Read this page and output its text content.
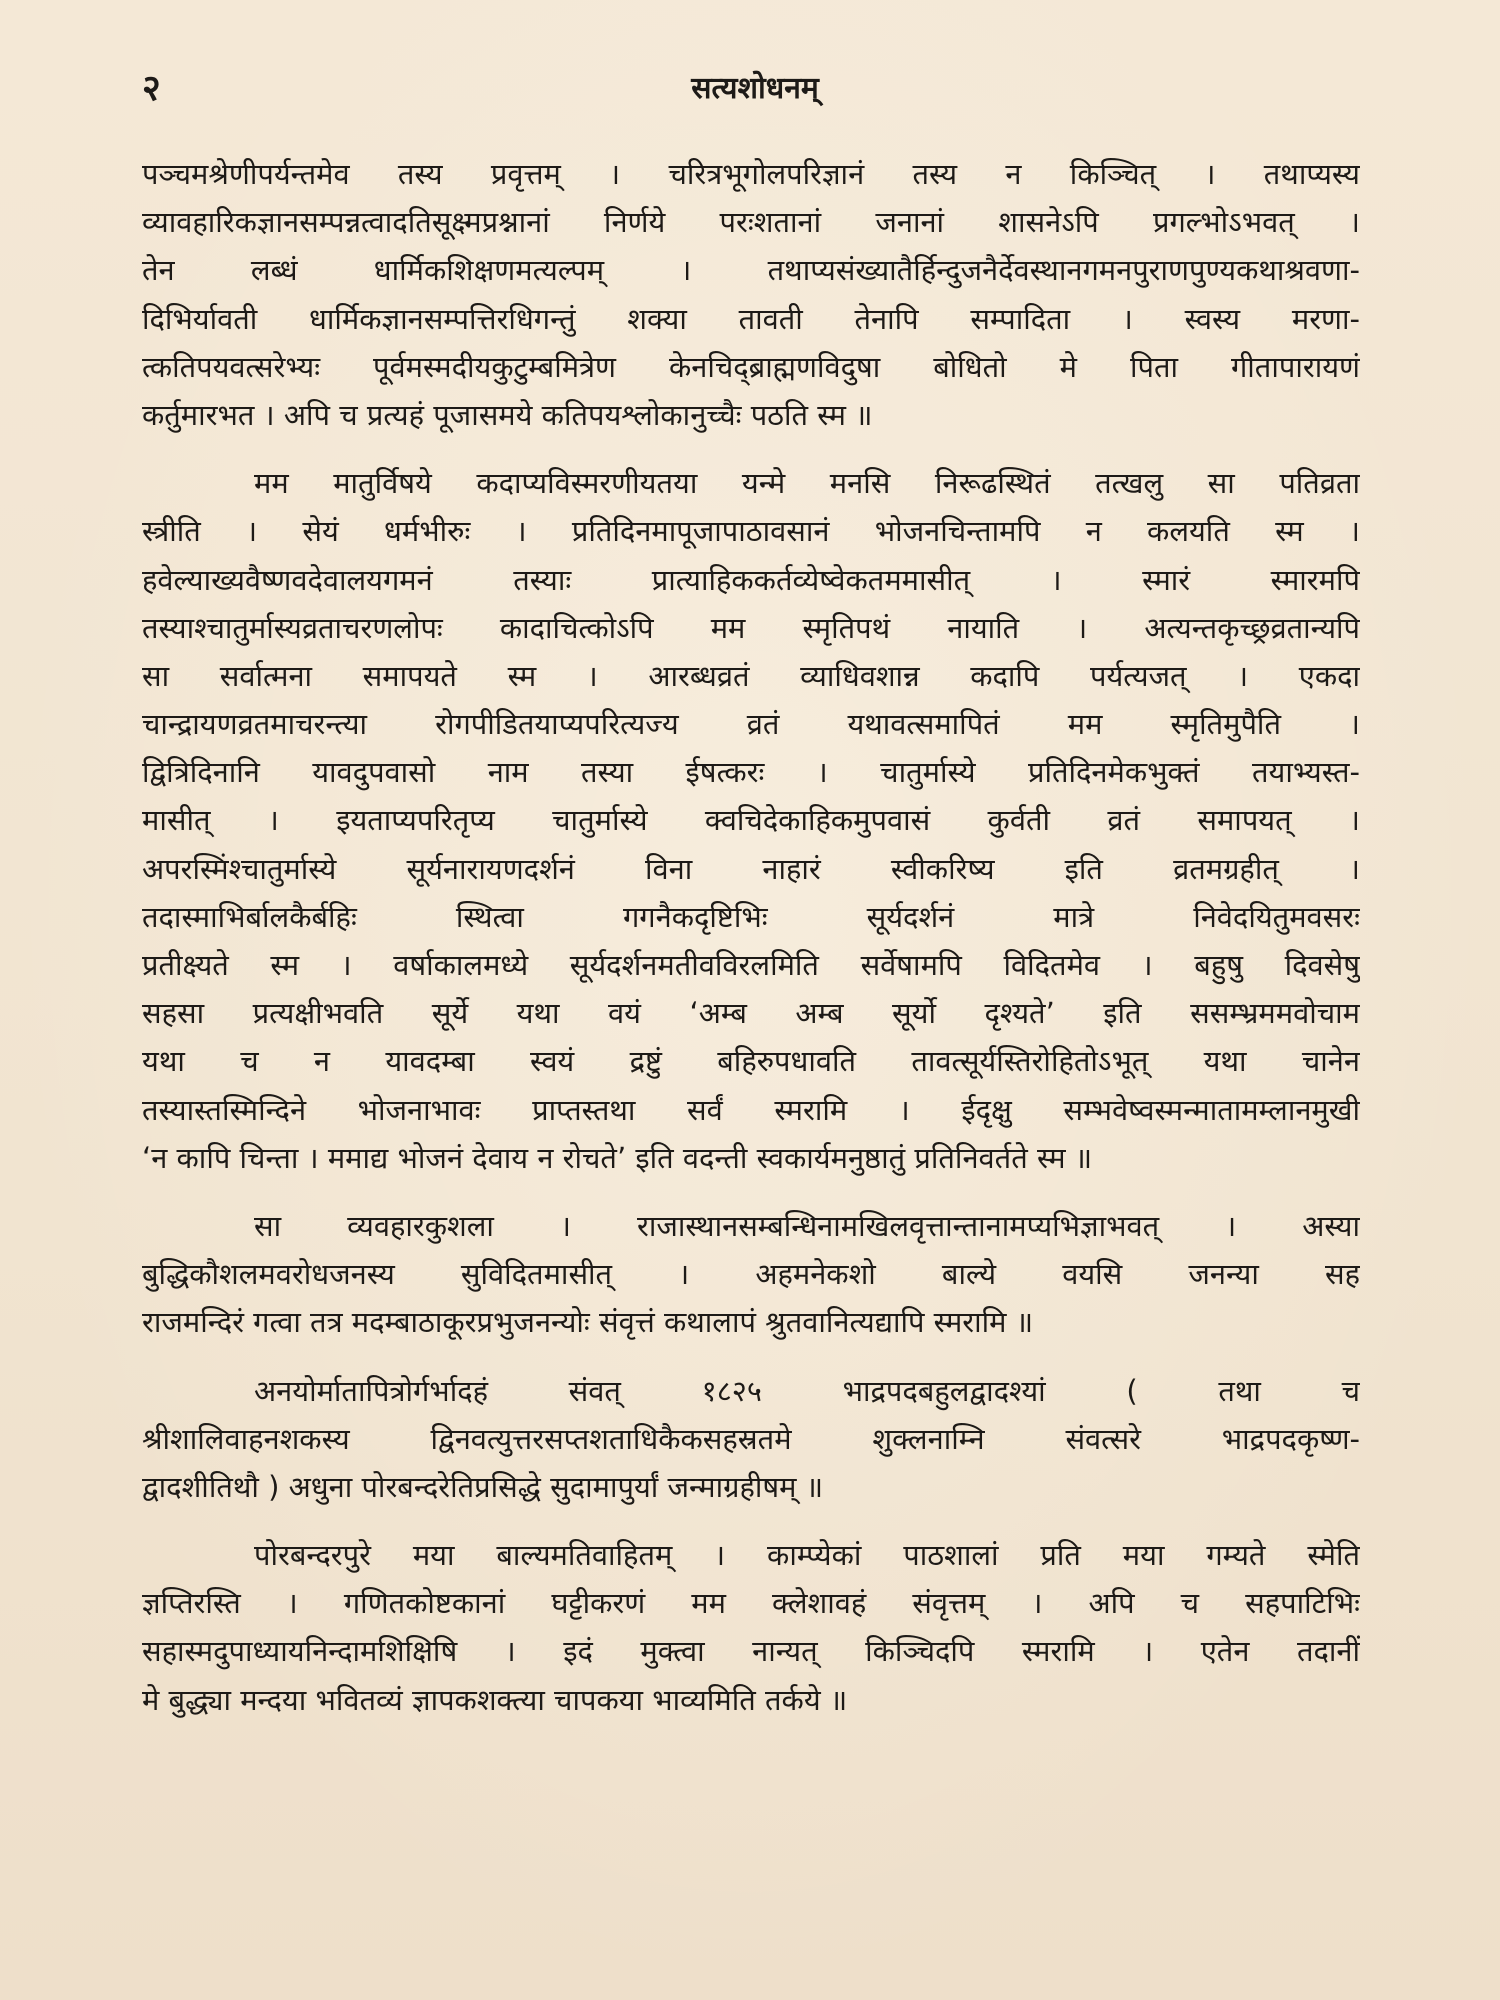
२	सत्यशोधनम्
पञ्चमश्रेणीपर्यन्तमेव तस्य प्रवृत्तम् । चरित्रभूगोलपरिज्ञानं तस्य न किञ्चित् । तथाप्यस्य
व्यावहारिकज्ञानसम्पन्नत्वादतिसूक्ष्मप्रश्नानां निर्णये परःशतानां जनानां शासनेऽपि प्रगल्भोऽभवत् ।
तेन लब्धं धार्मिकशिक्षणमत्यल्पम् । तथाप्यसंख्यातैर्हिन्दुजनैर्देवस्थानगमनपुराणपुण्यकथाश्रवणा-
दिभिर्यावती धार्मिकज्ञानसम्पत्तिरधिगन्तुं शक्या तावती तेनापि सम्पादिता । स्वस्य मरणा-
त्कतिपयवत्सरेभ्यः पूर्वमस्मदीयकुटुम्बमित्रेण केनचिद्ब्राह्मणविदुषा बोधितो मे पिता गीतापारायणं
कर्तुमारभत । अपि च प्रत्यहं पूजासमये कतिपयश्लोकानुच्चैः पठति स्म ॥
मम मातुर्विषये कदाप्यविस्मरणीयतया यन्मे मनसि निरूढस्थितं तत्खलु सा पतिव्रता
स्त्रीति । सेयं धर्मभीरुः । प्रतिदिनमापूजापाठावसानं भोजनचिन्तामपि न कलयति स्म ।
हवेल्याख्यवैष्णवदेवालयगमनं तस्याः प्रात्याहिककर्तव्येष्वेकतममासीत् । स्मारं स्मारमपि
तस्याश्चातुर्मास्यव्रताचरणलोपः कादाचित्कोऽपि मम स्मृतिपथं नायाति । अत्यन्तकृच्छ्रव्रतान्यपि
सा सर्वात्मना समापयते स्म । आरब्धव्रतं व्याधिवशान्न कदापि पर्यत्यजत् । एकदा
चान्द्रायणव्रतमाचरन्त्या रोगपीडितयाप्यपरित्यज्य व्रतं यथावत्समापितं मम स्मृतिमुपैति ।
द्वित्रिदिनानि यावदुपवासो नाम तस्या ईषत्करः । चातुर्मास्ये प्रतिदिनमेकभुक्तं तयाभ्यस्त-
मासीत् । इयताप्यपरितृप्य चातुर्मास्ये क्वचिदेकाहिकमुपवासं कुर्वती व्रतं समापयत् ।
अपरस्मिंश्चातुर्मास्ये सूर्यनारायणदर्शनं विना नाहारं स्वीकरिष्य इति व्रतमग्रहीत् ।
तदास्माभिर्बालकैर्बहिः स्थित्वा गगनैकदृष्टिभिः सूर्यदर्शनं मात्रे निवेदयितुमवसरः
प्रतीक्ष्यते स्म । वर्षाकालमध्ये सूर्यदर्शनमतीवविरलमिति सर्वेषामपि विदितमेव । बहुषु दिवसेषु
सहसा प्रत्यक्षीभवति सूर्ये यथा वयं ‘अम्ब अम्ब सूर्यो दृश्यते’ इति ससम्भ्रममवोचाम
यथा च न यावदम्बा स्वयं द्रष्टुं बहिरुपधावति तावत्सूर्यस्तिरोहितोऽभूत् यथा चानेन
तस्यास्तस्मिन्दिने भोजनाभावः प्राप्तस्तथा सर्वं स्मरामि । ईदृक्षु सम्भवेष्वस्मन्मातामम्लानमुखी
‘न कापि चिन्ता । ममाद्य भोजनं देवाय न रोचते’ इति वदन्ती स्वकार्यमनुष्ठातुं प्रतिनिवर्तते स्म ॥
सा व्यवहारकुशला । राजास्थानसम्बन्धिनामखिलवृत्तान्तानामप्यभिज्ञाभवत् । अस्या
बुद्धिकौशलमवरोधजनस्य सुविदितमासीत् । अहमनेकशो बाल्ये वयसि जनन्या सह
राजमन्दिरं गत्वा तत्र मदम्बाठाकूरप्रभुजनन्योः संवृत्तं कथालापं श्रुतवानित्यद्यापि स्मरामि ॥
अनयोर्मातापित्रोर्गर्भादहं संवत् १८२५ भाद्रपदबहुलद्वादश्यां ( तथा च
श्रीशालिवाहनशकस्य द्विनवत्युत्तरसप्तशताधिकैकसहस्रतमे शुक्लनाम्नि संवत्सरे भाद्रपदकृष्ण-
द्वादशीतिथौ ) अधुना पोरबन्दरेतिप्रसिद्धे सुदामापुर्यां जन्माग्रहीषम् ॥
पोरबन्दरपुरे मया बाल्यमतिवाहितम् । काम्प्येकां पाठशालां प्रति मया गम्यते स्मेति
ज्ञप्तिरस्ति । गणितकोष्टकानां घट्टीकरणं मम क्लेशावहं संवृत्तम् । अपि च सहपाटिभिः
सहास्मदुपाध्यायनिन्दामशिक्षिषि । इदं मुक्त्वा नान्यत् किञ्चिदपि स्मरामि । एतेन तदानीं
मे बुद्ध्या मन्दया भवितव्यं ज्ञापकशक्त्या चापकया भाव्यमिति तर्कये ॥
